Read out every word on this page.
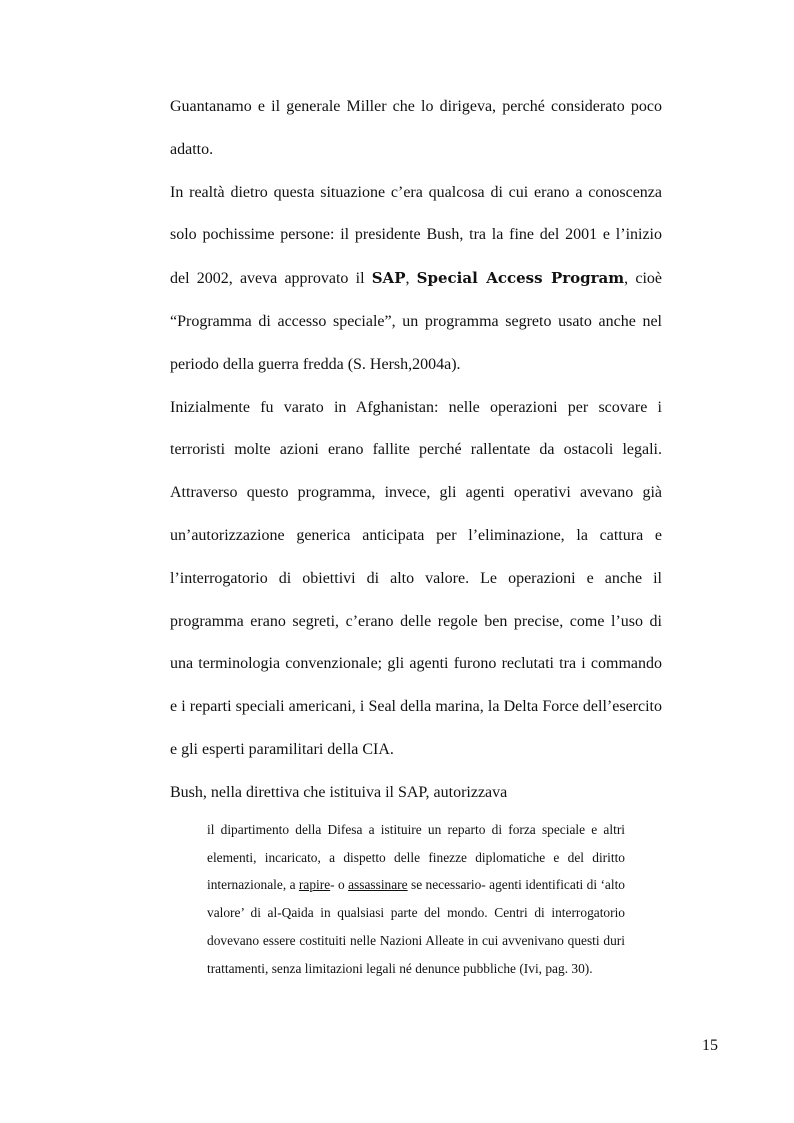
Guantanamo e il generale Miller che lo dirigeva, perché considerato poco adatto.

In realtà dietro questa situazione c’era qualcosa di cui erano a conoscenza solo pochissime persone: il presidente Bush, tra la fine del 2001 e l’inizio del 2002, aveva approvato il SAP, Special Access Program, cioè “Programma di accesso speciale”, un programma segreto usato anche nel periodo della guerra fredda (S. Hersh,2004a).

Inizialmente fu varato in Afghanistan: nelle operazioni per scovare i terroristi molte azioni erano fallite perché rallentate da ostacoli legali. Attraverso questo programma, invece, gli agenti operativi avevano già un’autorizzazione generica anticipata per l’eliminazione, la cattura e l’interrogatorio di obiettivi di alto valore. Le operazioni e anche il programma erano segreti, c’erano delle regole ben precise, come l’uso di una terminologia convenzionale; gli agenti furono reclutati tra i commando e i reparti speciali americani, i Seal della marina, la Delta Force dell’esercito e gli esperti paramilitari della CIA.

Bush, nella direttiva che istituiva il SAP, autorizzava

il dipartimento della Difesa a istituire un reparto di forza speciale e altri elementi, incaricato, a dispetto delle finezze diplomatiche e del diritto internazionale, a rapire- o assassinare se necessario- agenti identificati di ‘alto valore’ di al-Qaida in qualsiasi parte del mondo. Centri di interrogatorio dovevano essere costituiti nelle Nazioni Alleate in cui avvenivano questi duri trattamenti, senza limitazioni legali né denunce pubbliche (Ivi, pag. 30).

15
